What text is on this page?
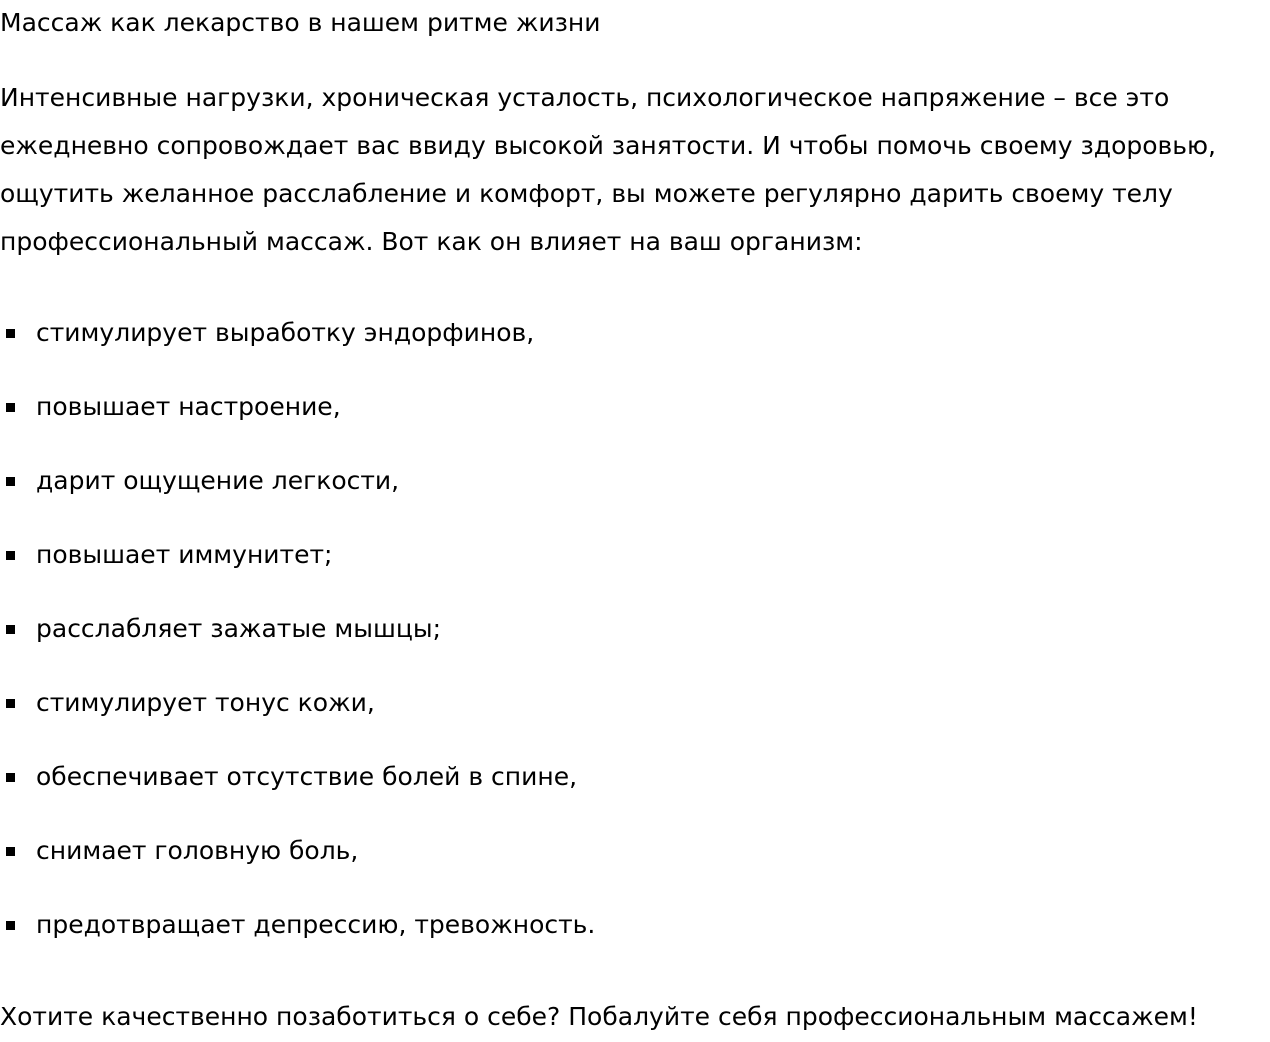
Массаж как лекарство в нашем ритме жизни

Интенсивные нагрузки, хроническая усталость, психологическое напряжение – все это ежедневно сопровождает вас ввиду высокой занятости. И чтобы помочь своему здоровью, ощутить желанное расслабление и комфорт, вы можете регулярно дарить своему телу профессиональный массаж. Вот как он влияет на ваш организм:

стимулирует выработку эндорфинов,
повышает настроение,
дарит ощущение легкости,
повышает иммунитет;
расслабляет зажатые мышцы;
стимулирует тонус кожи,
обеспечивает отсутствие болей в спине,
снимает головную боль,
предотвращает депрессию, тревожность.

Хотите качественно позаботиться о себе? Побалуйте себя профессиональным массажем!
